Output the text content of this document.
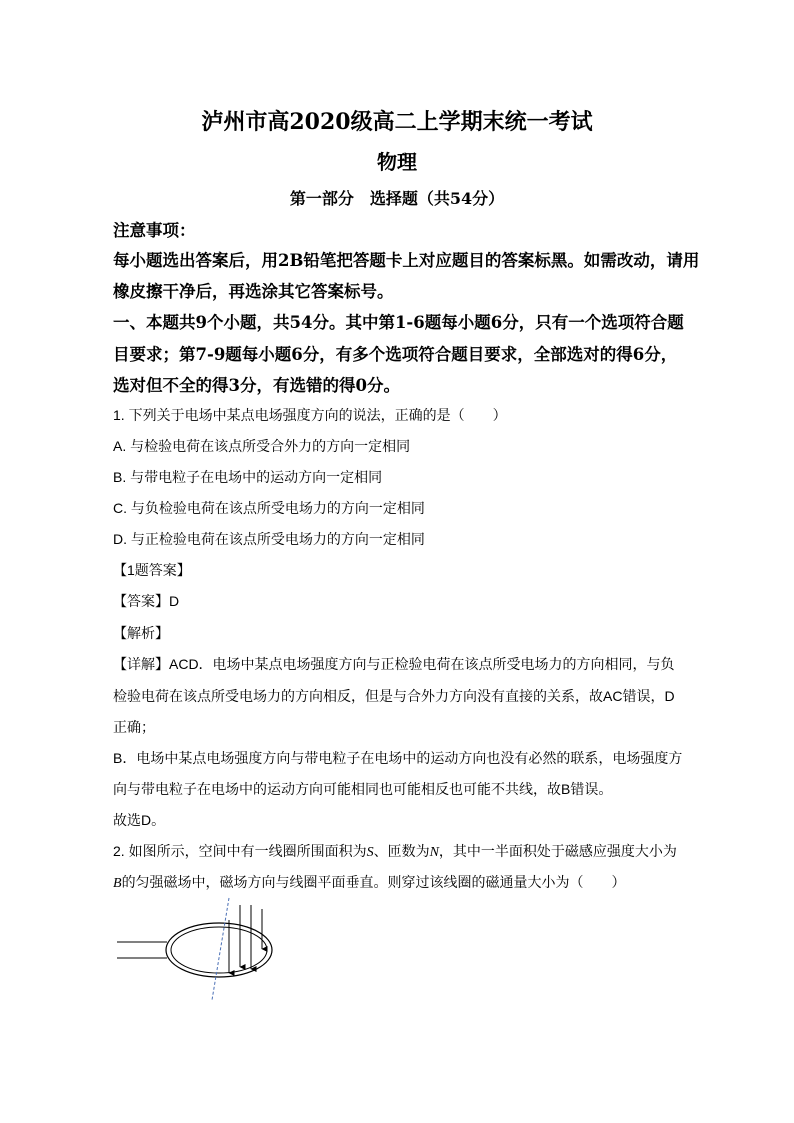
泸州市高2020级高二上学期末统一考试
物理
第一部分　选择题（共54分）
注意事项：
每小题选出答案后，用2B铅笔把答题卡上对应题目的答案标黑。如需改动，请用
橡皮擦干净后，再选涂其它答案标号。
一、本题共9个小题，共54分。其中第1-6题每小题6分，只有一个选项符合题
目要求；第7-9题每小题6分，有多个选项符合题目要求，全部选对的得6分，
选对但不全的得3分，有选错的得0分。
1. 下列关于电场中某点电场强度方向的说法，正确的是（　　）
A. 与检验电荷在该点所受合外力的方向一定相同
B. 与带电粒子在电场中的运动方向一定相同
C. 与负检验电荷在该点所受电场力的方向一定相同
D. 与正检验电荷在该点所受电场力的方向一定相同
【1题答案】
【答案】D
【解析】
【详解】ACD．电场中某点电场强度方向与正检验电荷在该点所受电场力的方向相同，与负
检验电荷在该点所受电场力的方向相反，但是与合外力方向没有直接的关系，故AC错误，D
正确；
B．电场中某点电场强度方向与带电粒子在电场中的运动方向也没有必然的联系，电场强度方
向与带电粒子在电场中的运动方向可能相同也可能相反也可能不共线，故B错误。
故选D。
2. 如图所示，空间中有一线圈所围面积为S、匝数为N，其中一半面积处于磁感应强度大小为
B的匀强磁场中，磁场方向与线圈平面垂直。则穿过该线圈的磁通量大小为（　　）
